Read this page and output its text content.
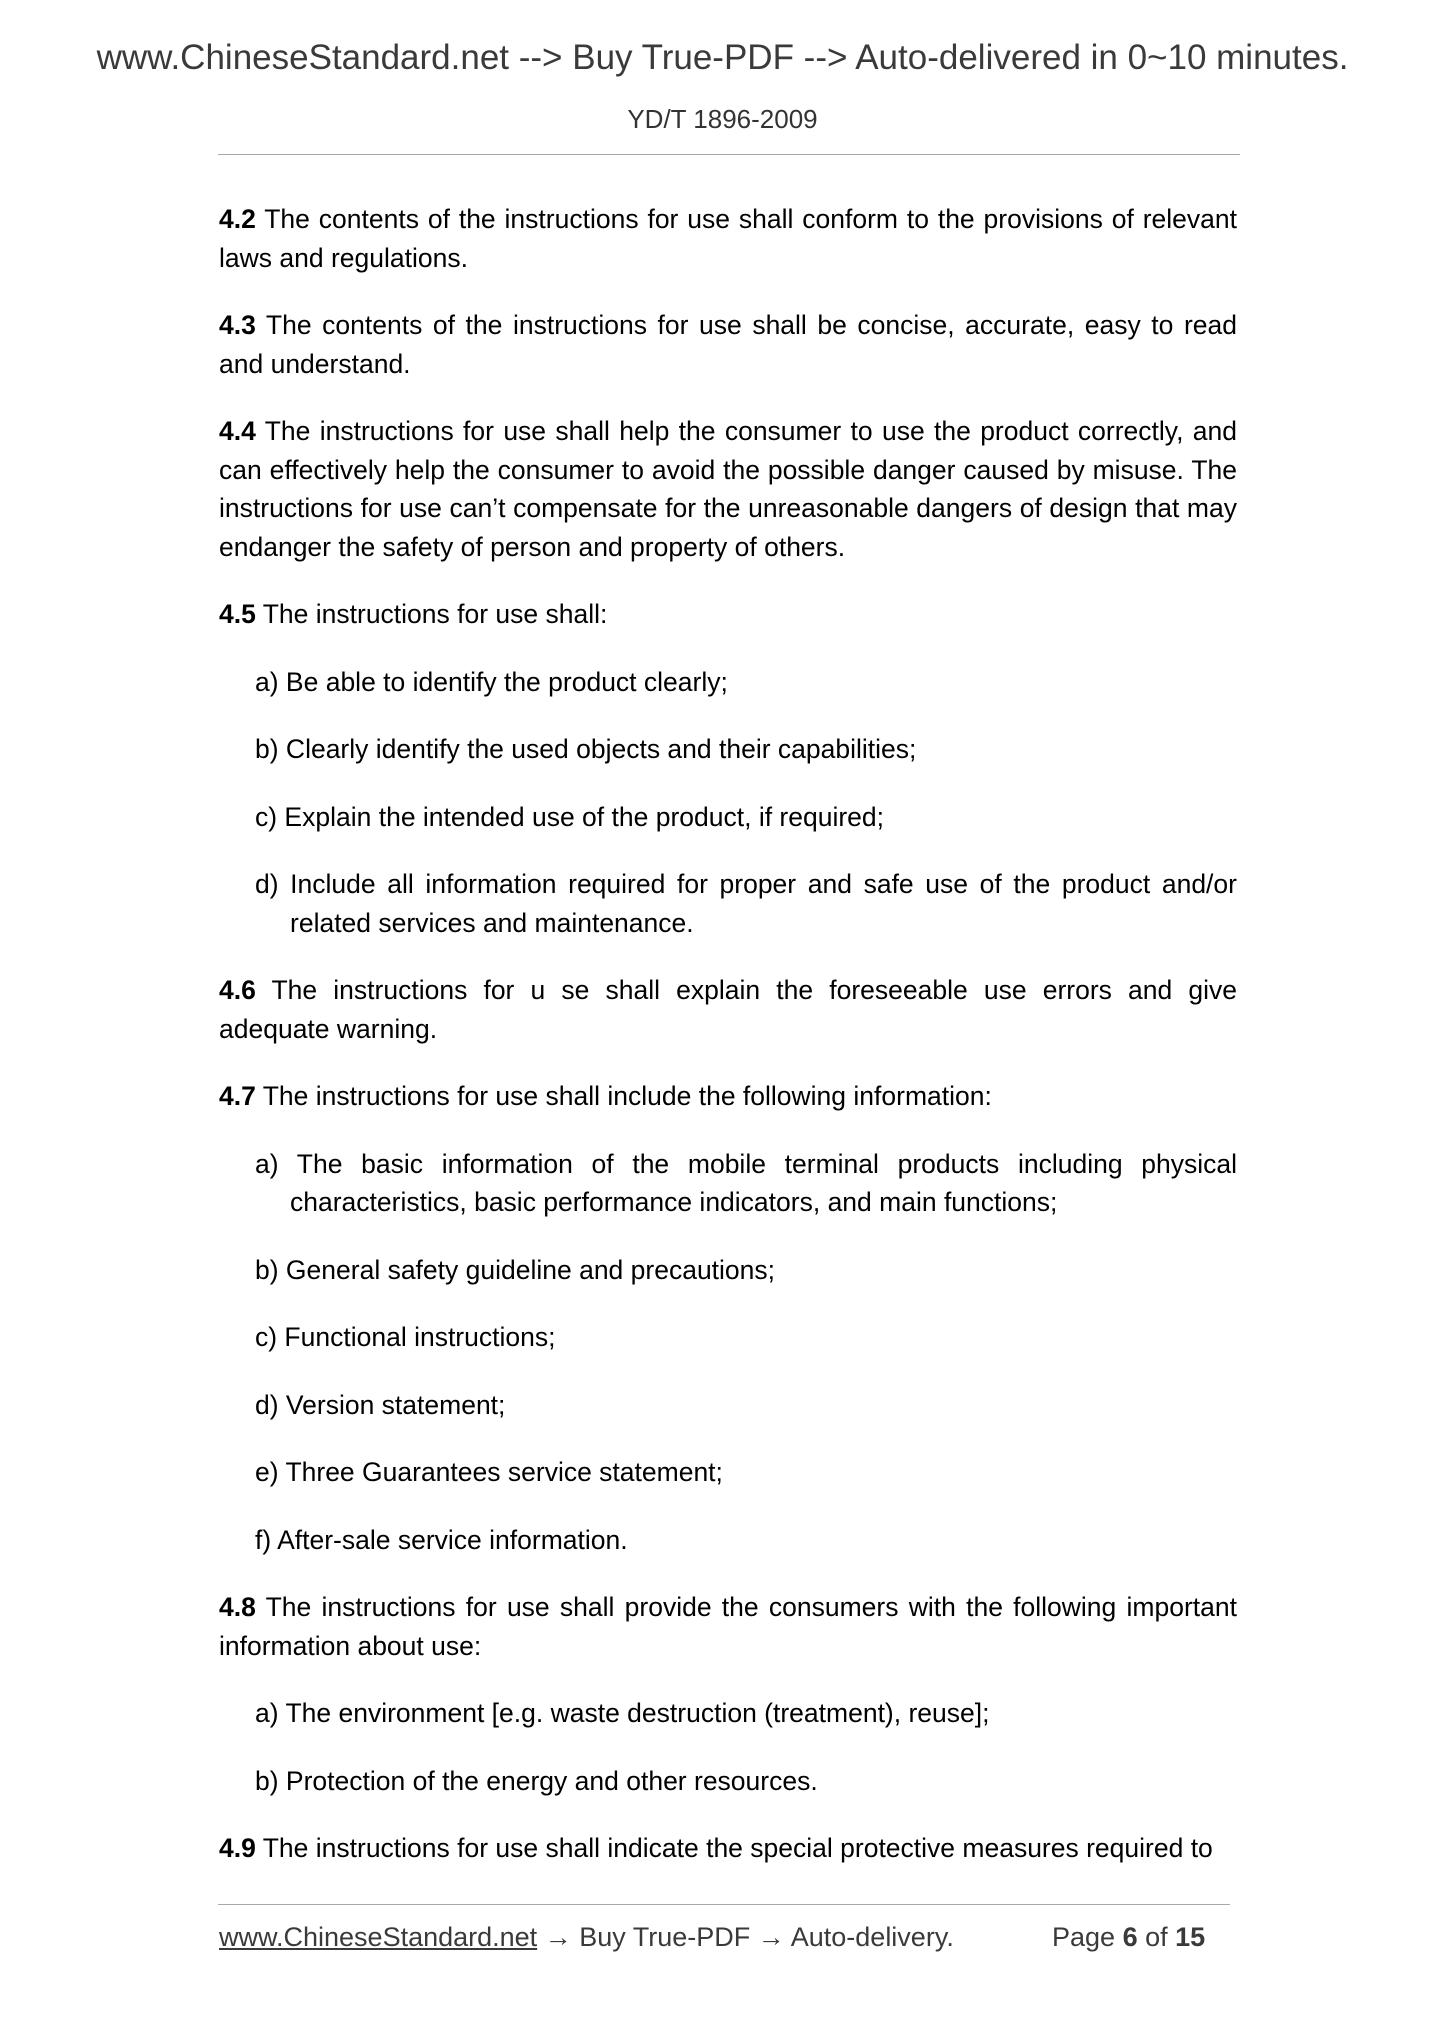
www.ChineseStandard.net --> Buy True-PDF --> Auto-delivered in 0~10 minutes.
YD/T 1896-2009

4.2 The contents of the instructions for use shall conform to the provisions of relevant laws and regulations.

4.3 The contents of the instructions for use shall be concise, accurate, easy to read and understand.

4.4 The instructions for use shall help the consumer to use the product correctly, and can effectively help the consumer to avoid the possible danger caused by misuse. The instructions for use can’t compensate for the unreasonable dangers of design that may endanger the safety of person and property of others.

4.5 The instructions for use shall:

a) Be able to identify the product clearly;
b) Clearly identify the used objects and their capabilities;
c) Explain the intended use of the product, if required;
d) Include all information required for proper and safe use of the product and/or related services and maintenance.

4.6 The instructions for u se shall explain the foreseeable use errors and give adequate warning.

4.7 The instructions for use shall include the following information:

a) The basic information of the mobile terminal products including physical characteristics, basic performance indicators, and main functions;
b) General safety guideline and precautions;
c) Functional instructions;
d) Version statement;
e) Three Guarantees service statement;
f) After-sale service information.

4.8 The instructions for use shall provide the consumers with the following important information about use:

a) The environment [e.g. waste destruction (treatment), reuse];
b) Protection of the energy and other resources.

4.9 The instructions for use shall indicate the special protective measures required to

www.ChineseStandard.net → Buy True-PDF → Auto-delivery.	Page 6 of 15
